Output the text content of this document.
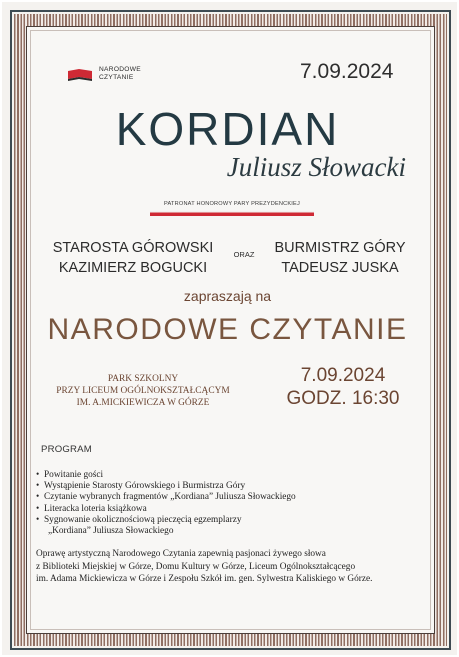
NARODOWE
CZYTANIE	7.09.2024
KORDIAN
Juliusz Słowacki
PATRONAT HONOROWY PARY PREZYDENCKIEJ
STAROSTA GÓROWSKI
KAZIMIERZ BOGUCKI
ORAZ	BURMISTRZ GÓRY
TADEUSZ JUSKA
zapraszają na
NARODOWE CZYTANIE
PARK SZKOLNY
PRZY LICEUM OGÓLNOKSZTAŁCĄCYM
IM. A.MICKIEWICZA W GÓRZE
7.09.2024
GODZ. 16:30
PROGRAM
• Powitanie gości
• Wystąpienie Starosty Górowskiego i Burmistrza Góry
• Czytanie wybranych fragmentów „Kordiana” Juliusza Słowackiego
• Literacka loteria książkowa
• Sygnowanie okolicznościową pieczęcią egzemplarzy
„Kordiana” Juliusza Słowackiego
Oprawę artystyczną Narodowego Czytania zapewnią pasjonaci żywego słowa
z Biblioteki Miejskiej w Górze, Domu Kultury w Górze, Liceum Ogólnokształcącego
im. Adama Mickiewicza w Górze i Zespołu Szkół im. gen. Sylwestra Kaliskiego w Górze.
